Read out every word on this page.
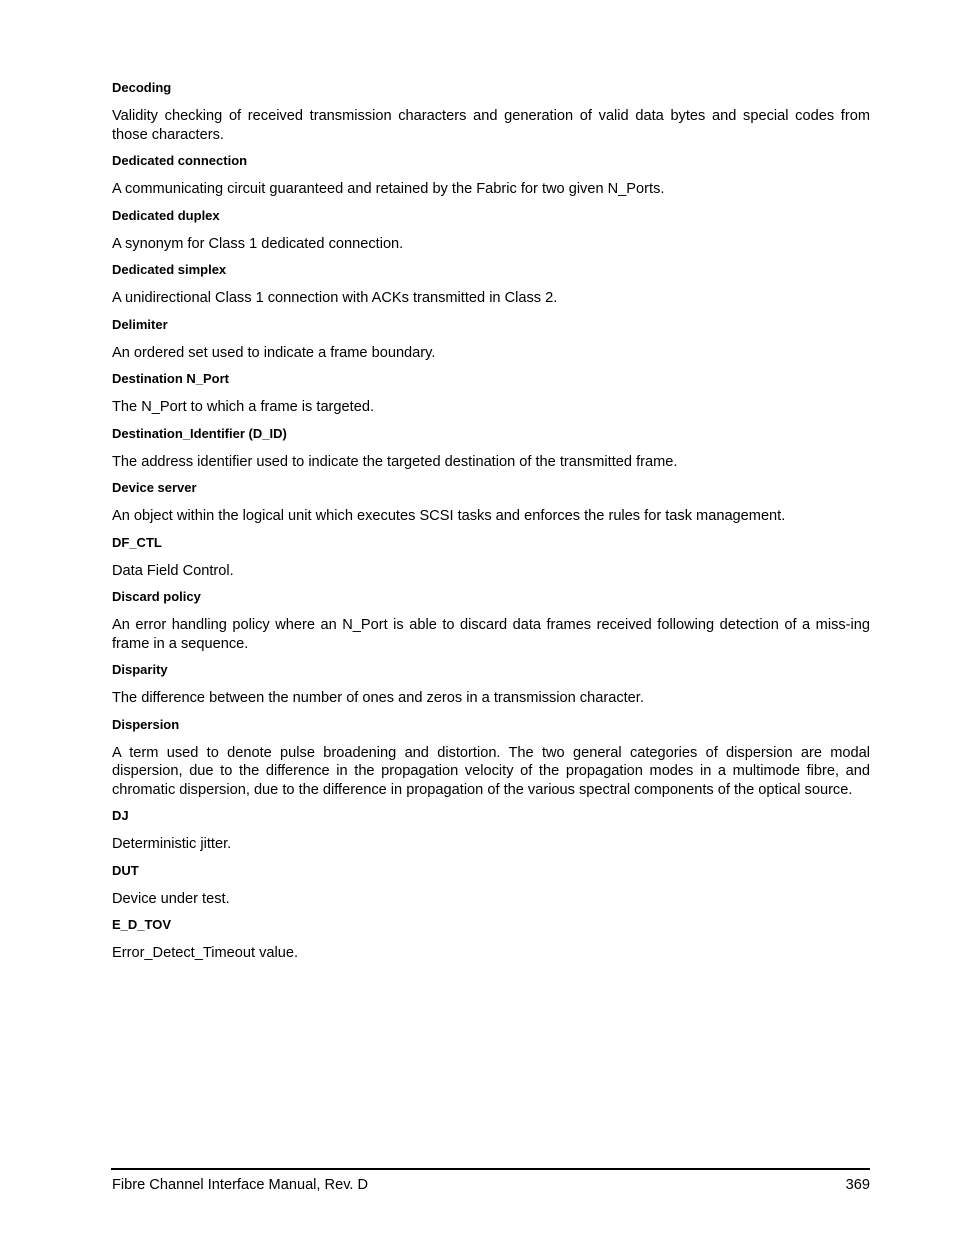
Decoding
Validity checking of received transmission characters and generation of valid data bytes and special codes from those characters.
Dedicated connection
A communicating circuit guaranteed and retained by the Fabric for two given N_Ports.
Dedicated duplex
A synonym for Class 1 dedicated connection.
Dedicated simplex
A unidirectional Class 1 connection with ACKs transmitted in Class 2.
Delimiter
An ordered set used to indicate a frame boundary.
Destination N_Port
The N_Port to which a frame is targeted.
Destination_Identifier (D_ID)
The address identifier used to indicate the targeted destination of the transmitted frame.
Device server
An object within the logical unit which executes SCSI tasks and enforces the rules for task management.
DF_CTL
Data Field Control.
Discard policy
An error handling policy where an N_Port is able to discard data frames received following detection of a miss-ing frame in a sequence.
Disparity
The difference between the number of ones and zeros in a transmission character.
Dispersion
A term used to denote pulse broadening and distortion. The two general categories of dispersion are modal dispersion, due to the difference in the propagation velocity of the propagation modes in a multimode fibre, and chromatic dispersion, due to the difference in propagation of the various spectral components of the optical source.
DJ
Deterministic jitter.
DUT
Device under test.
E_D_TOV
Error_Detect_Timeout value.
Fibre Channel Interface Manual, Rev. D	369
